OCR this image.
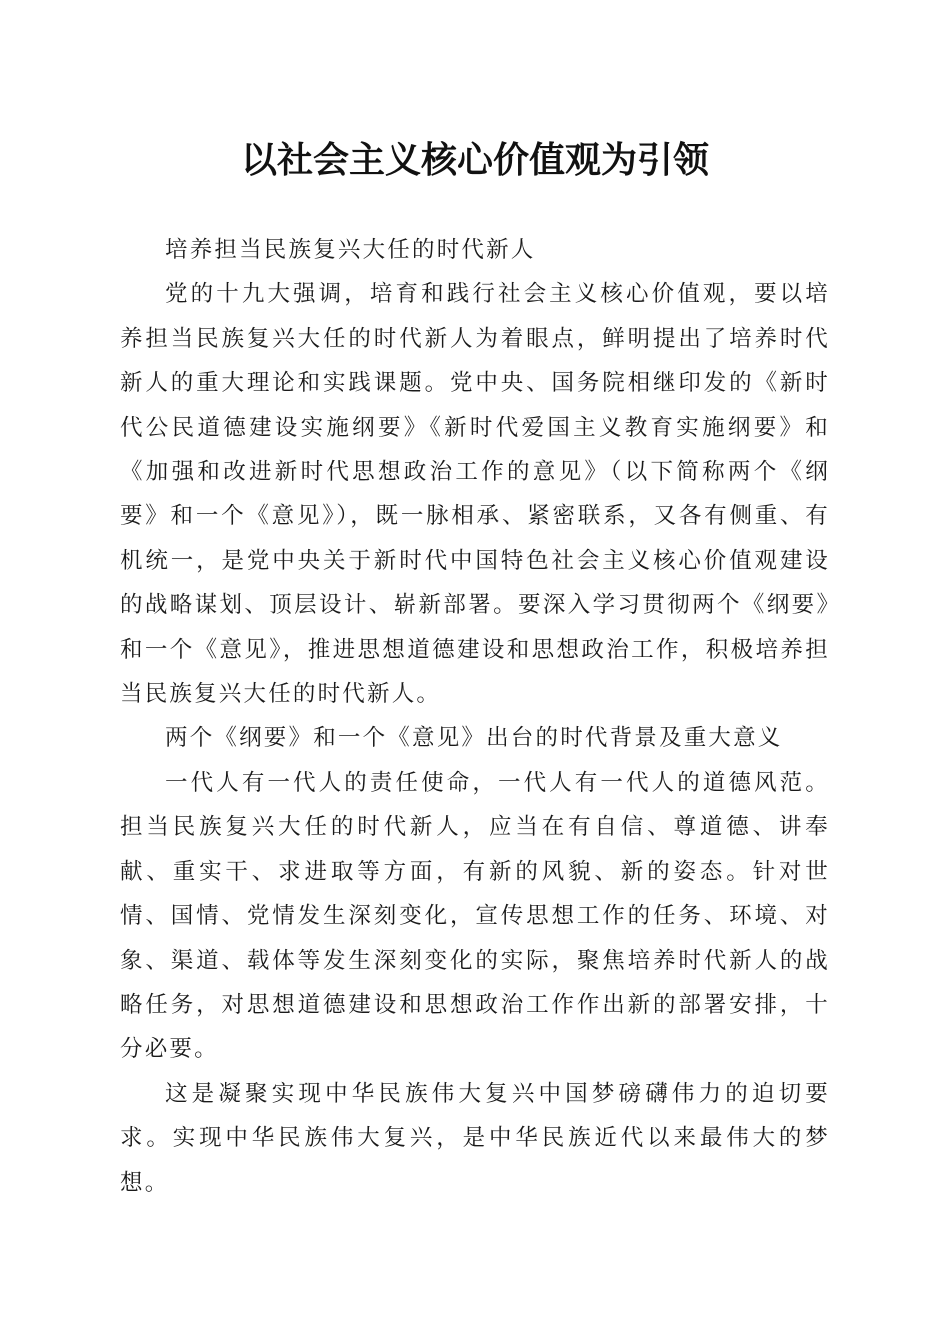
以社会主义核心价值观为引领

培养担当民族复兴大任的时代新人

党的十九大强调，培育和践行社会主义核心价值观，要以培养担当民族复兴大任的时代新人为着眼点，鲜明提出了培养时代新人的重大理论和实践课题。党中央、国务院相继印发的《新时代公民道德建设实施纲要》《新时代爱国主义教育实施纲要》和《加强和改进新时代思想政治工作的意见》（以下简称两个《纲要》和一个《意见》），既一脉相承、紧密联系，又各有侧重、有机统一，是党中央关于新时代中国特色社会主义核心价值观建设的战略谋划、顶层设计、崭新部署。要深入学习贯彻两个《纲要》和一个《意见》，推进思想道德建设和思想政治工作，积极培养担当民族复兴大任的时代新人。

两个《纲要》和一个《意见》出台的时代背景及重大意义

一代人有一代人的责任使命，一代人有一代人的道德风范。担当民族复兴大任的时代新人，应当在有自信、尊道德、讲奉献、重实干、求进取等方面，有新的风貌、新的姿态。针对世情、国情、党情发生深刻变化，宣传思想工作的任务、环境、对象、渠道、载体等发生深刻变化的实际，聚焦培养时代新人的战略任务，对思想道德建设和思想政治工作作出新的部署安排，十分必要。

这是凝聚实现中华民族伟大复兴中国梦磅礴伟力的迫切要求。实现中华民族伟大复兴，是中华民族近代以来最伟大的梦想。
